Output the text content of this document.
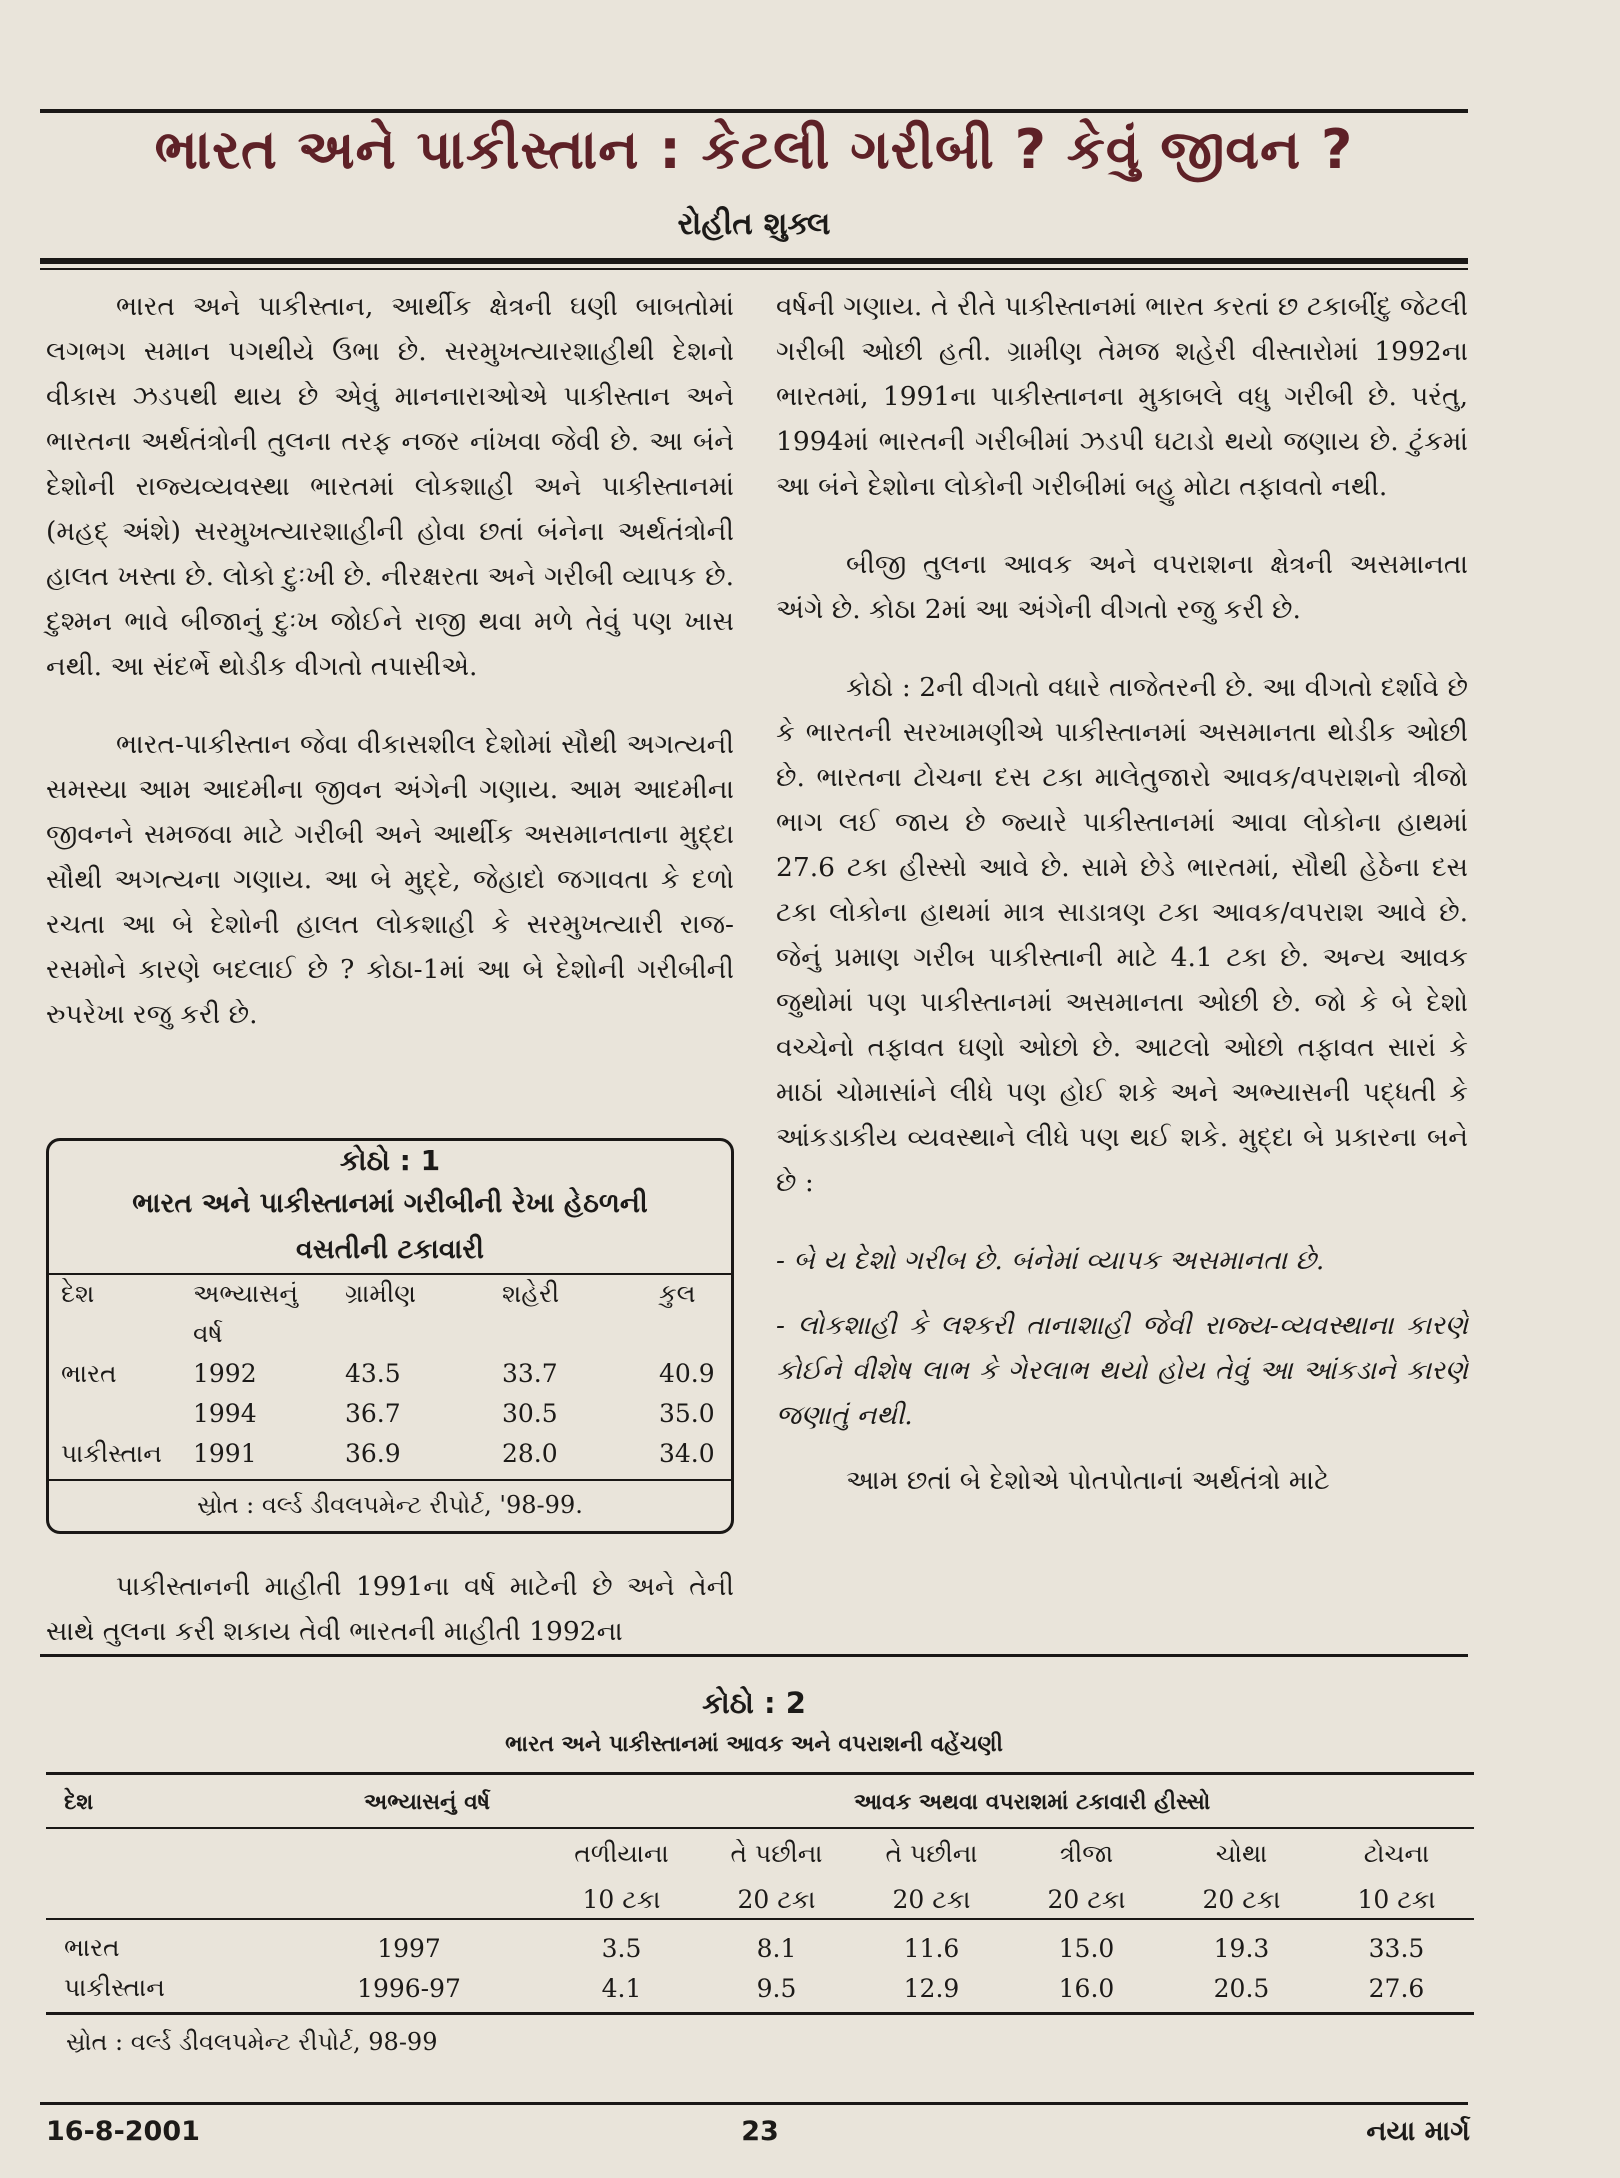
ભારત અને પાકીસ્તાન : કેટલી ગરીબી ? કેવું જીવન ?
રોહીત શુક્લ

ભારત અને પાકીસ્તાન, આર્થીક ક્ષેત્રની ઘણી બાબતોમાં લગભગ સમાન પગથીયે ઉભા છે. સરમુખત્યારશાહીથી દેશનો વીકાસ ઝડપથી થાય છે એવું માનનારાઓએ પાકીસ્તાન અને ભારતના અર્થતંત્રોની તુલના તરફ નજર નાંખવા જેવી છે. આ બંને દેશોની રાજ્યવ્યવસ્થા ભારતમાં લોકશાહી અને પાકીસ્તાનમાં (મહદ્ અંશે) સરમુખત્યારશાહીની હોવા છતાં બંનેના અર્થતંત્રોની હાલત ખસ્તા છે. લોકો દુઃખી છે. નીરક્ષરતા અને ગરીબી વ્યાપક છે. દુશ્મન ભાવે બીજાનું દુઃખ જોઈને રાજી થવા મળે તેવું પણ ખાસ નથી. આ સંદર્ભે થોડીક વીગતો તપાસીએ.

ભારત-પાકીસ્તાન જેવા વીકાસશીલ દેશોમાં સૌથી અગત્યની સમસ્યા આમ આદમીના જીવન અંગેની ગણાય. આમ આદમીના જીવનને સમજવા માટે ગરીબી અને આર્થીક અસમાનતાના મુદ્દા સૌથી અગત્યના ગણાય. આ બે મુદ્દે, જેહાદો જગાવતા કે દળો રચતા આ બે દેશોની હાલત લોકશાહી કે સરમુખત્યારી રાજ-રસમોને કારણે બદલાઈ છે ? કોઠા-1માં આ બે દેશોની ગરીબીની રુપરેખા રજુ કરી છે.

કોઠો : 1
ભારત અને પાકીસ્તાનમાં ગરીબીની રેખા હેઠળની
વસતીની ટકાવારી
દેશ	અભ્યાસનું	ગ્રામીણ	શહેરી	કુલ
	વર્ષ			
ભારત	1992	43.5	33.7	40.9
	1994	36.7	30.5	35.0
પાકીસ્તાન	1991	36.9	28.0	34.0
સ્રોત : વર્લ્ડ ડીવલપમેન્ટ રીપોર્ટ, '98-99.

પાકીસ્તાનની માહીતી 1991ના વર્ષ માટેની છે અને તેની સાથે તુલના કરી શકાય તેવી ભારતની માહીતી 1992ના

વર્ષની ગણાય. તે રીતે પાકીસ્તાનમાં ભારત કરતાં છ ટકાબીંદુ જેટલી ગરીબી ઓછી હતી. ગ્રામીણ તેમજ શહેરી વીસ્તારોમાં 1992ના ભારતમાં, 1991ના પાકીસ્તાનના મુકાબલે વધુ ગરીબી છે. પરંતુ, 1994માં ભારતની ગરીબીમાં ઝડપી ઘટાડો થયો જણાય છે. ટુંકમાં આ બંને દેશોના લોકોની ગરીબીમાં બહુ મોટા તફાવતો નથી.

બીજી તુલના આવક અને વપરાશના ક્ષેત્રની અસમાનતા અંગે છે. કોઠા 2માં આ અંગેની વીગતો રજુ કરી છે.

કોઠો : 2ની વીગતો વધારે તાજેતરની છે. આ વીગતો દર્શાવે છે કે ભારતની સરખામણીએ પાકીસ્તાનમાં અસમાનતા થોડીક ઓછી છે. ભારતના ટોચના દસ ટકા માલેતુજારો આવક/વપરાશનો ત્રીજો ભાગ લઈ જાય છે જ્યારે પાકીસ્તાનમાં આવા લોકોના હાથમાં 27.6 ટકા હીસ્સો આવે છે. સામે છેડે ભારતમાં, સૌથી હેઠેના દસ ટકા લોકોના હાથમાં માત્ર સાડાત્રણ ટકા આવક/વપરાશ આવે છે. જેનું પ્રમાણ ગરીબ પાકીસ્તાની માટે 4.1 ટકા છે. અન્ય આવક જુથોમાં પણ પાકીસ્તાનમાં અસમાનતા ઓછી છે. જો કે બે દેશો વચ્ચેનો તફાવત ઘણો ઓછો છે. આટલો ઓછો તફાવત સારાં કે માઠાં ચોમાસાંને લીધે પણ હોઈ શકે અને અભ્યાસની પદ્ધતી કે આંકડાકીય વ્યવસ્થાને લીધે પણ થઈ શકે. મુદ્દા બે પ્રકારના બને છે :

- બે ય દેશો ગરીબ છે. બંનેમાં વ્યાપક અસમાનતા છે.

- લોકશાહી કે લશ્કરી તાનાશાહી જેવી રાજ્ય-વ્યવસ્થાના કારણે કોઈને વીશેષ લાભ કે ગેરલાભ થયો હોય તેવું આ આંકડાને કારણે જણાતું નથી.

આમ છતાં બે દેશોએ પોતપોતાનાં અર્થતંત્રો માટે

કોઠો : 2
ભારત અને પાકીસ્તાનમાં આવક અને વપરાશની વહેંચણી
દેશ	અભ્યાસનું વર્ષ	આવક અથવા વપરાશમાં ટકાવારી હીસ્સો
	તળીયાના	તે પછીના	તે પછીના	ત્રીજા	ચોથા	ટોચના
	10 ટકા	20 ટકા	20 ટકા	20 ટકા	20 ટકા	10 ટકા
ભારત	1997	3.5	8.1	11.6	15.0	19.3	33.5
પાકીસ્તાન	1996-97	4.1	9.5	12.9	16.0	20.5	27.6
સ્રોત : વર્લ્ડ ડીવલપમેન્ટ રીપોર્ટ, 98-99
16-8-2001	23	નયા માર્ગ
